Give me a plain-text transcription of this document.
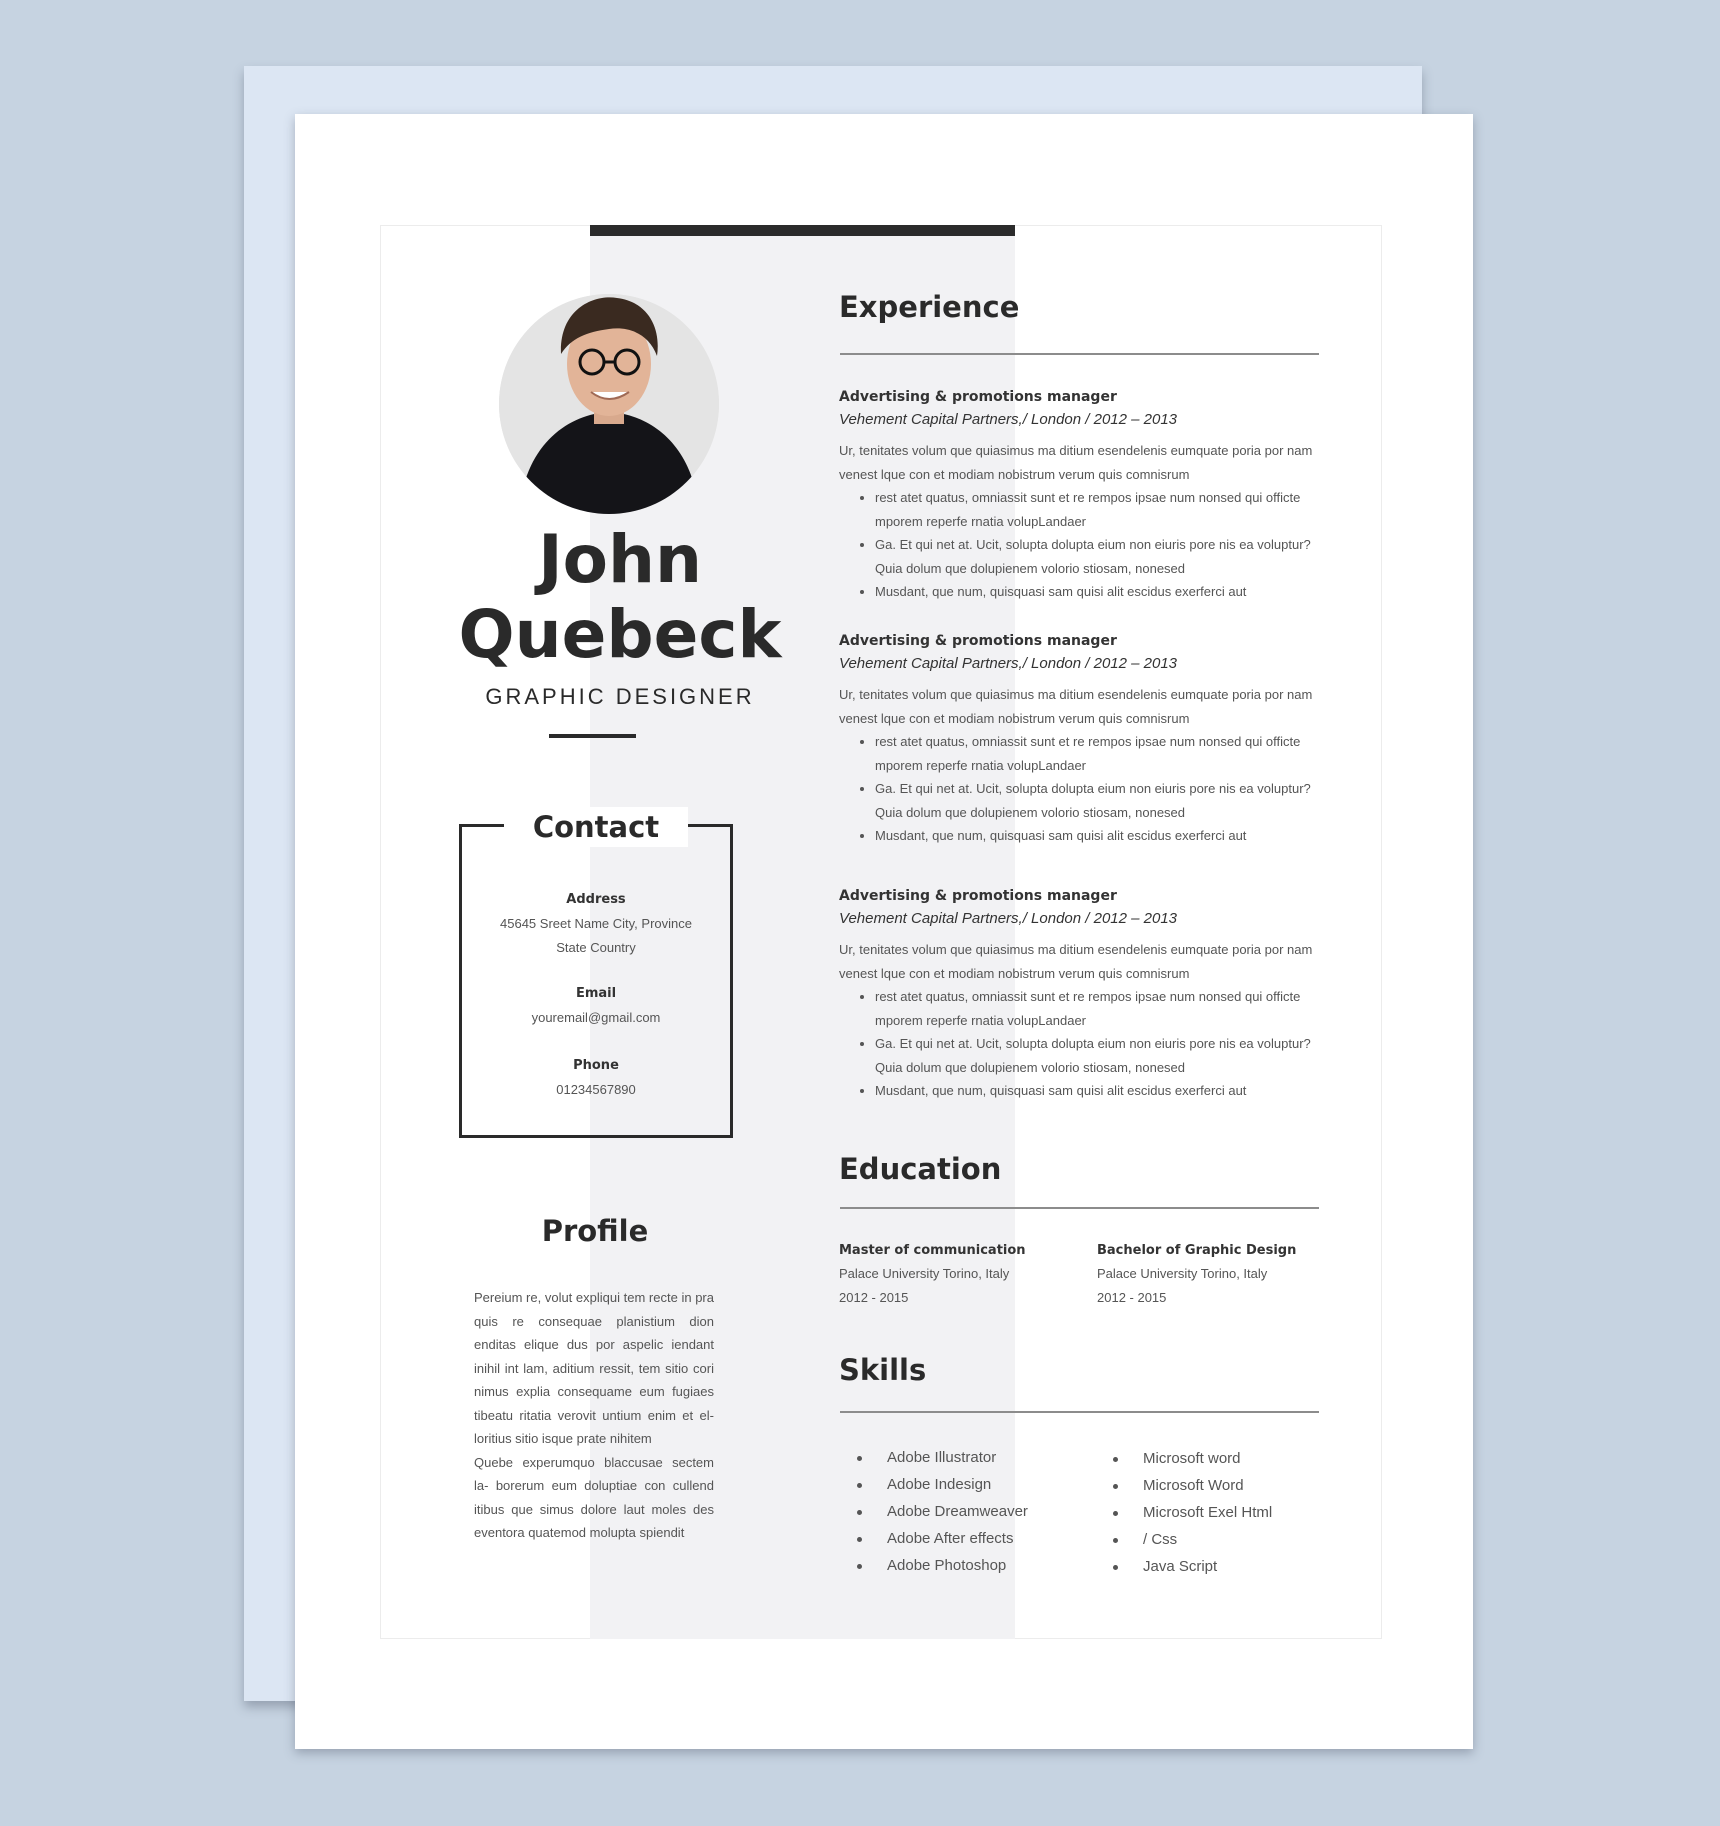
John
Quebeck
GRAPHIC DESIGNER
Contact
Address
45645 Sreet Name City, Province
State Country
Email
youremail@gmail.com
Phone
01234567890
Profile

Pereium re, volut expliqui tem recte in pra quis re consequae planistium dion enditas elique dus por aspelic iendant inihil int lam, aditium ressit, tem sitio cori nimus explia consequame eum fugiaes tibeatu ritatia verovit untium enim et el- loritius sitio isque prate nihitem

Quebe experumquo blaccusae sectem la- borerum eum doluptiae con cullend itibus que simus dolore laut moles des eventora quatemod molupta spiendit

Experience
Advertising & promotions manager
Vehement Capital Partners,/ London / 2012 – 2013
Ur, tenitates volum que quiasimus ma ditium esendelenis eumquate poria por nam venest lque con et modiam nobistrum verum quis comnisrum
• rest atet quatus, omniassit sunt et re rempos ipsae num nonsed qui officte mporem reperfe rnatia volupLandaer
• Ga. Et qui net at. Ucit, solupta dolupta eium non eiuris pore nis ea voluptur? Quia dolum que dolupienem volorio stiosam, nonesed
• Musdant, que num, quisquasi sam quisi alit escidus exerferci aut
Advertising & promotions manager
Vehement Capital Partners,/ London / 2012 – 2013
Ur, tenitates volum que quiasimus ma ditium esendelenis eumquate poria por nam venest lque con et modiam nobistrum verum quis comnisrum
• rest atet quatus, omniassit sunt et re rempos ipsae num nonsed qui officte mporem reperfe rnatia volupLandaer
• Ga. Et qui net at. Ucit, solupta dolupta eium non eiuris pore nis ea voluptur? Quia dolum que dolupienem volorio stiosam, nonesed
• Musdant, que num, quisquasi sam quisi alit escidus exerferci aut
Advertising & promotions manager
Vehement Capital Partners,/ London / 2012 – 2013
Ur, tenitates volum que quiasimus ma ditium esendelenis eumquate poria por nam venest lque con et modiam nobistrum verum quis comnisrum
• rest atet quatus, omniassit sunt et re rempos ipsae num nonsed qui officte mporem reperfe rnatia volupLandaer
• Ga. Et qui net at. Ucit, solupta dolupta eium non eiuris pore nis ea voluptur? Quia dolum que dolupienem volorio stiosam, nonesed
• Musdant, que num, quisquasi sam quisi alit escidus exerferci aut
Education
Master of communication
Palace University Torino, Italy
2012 - 2015
Bachelor of Graphic Design
Palace University Torino, Italy
2012 - 2015
Skills
Adobe Illustrator
Adobe Indesign
Adobe Dreamweaver
Adobe After effects
Adobe Photoshop
Microsoft word
Microsoft Word
Microsoft Exel Html
/ Css
Java Script
